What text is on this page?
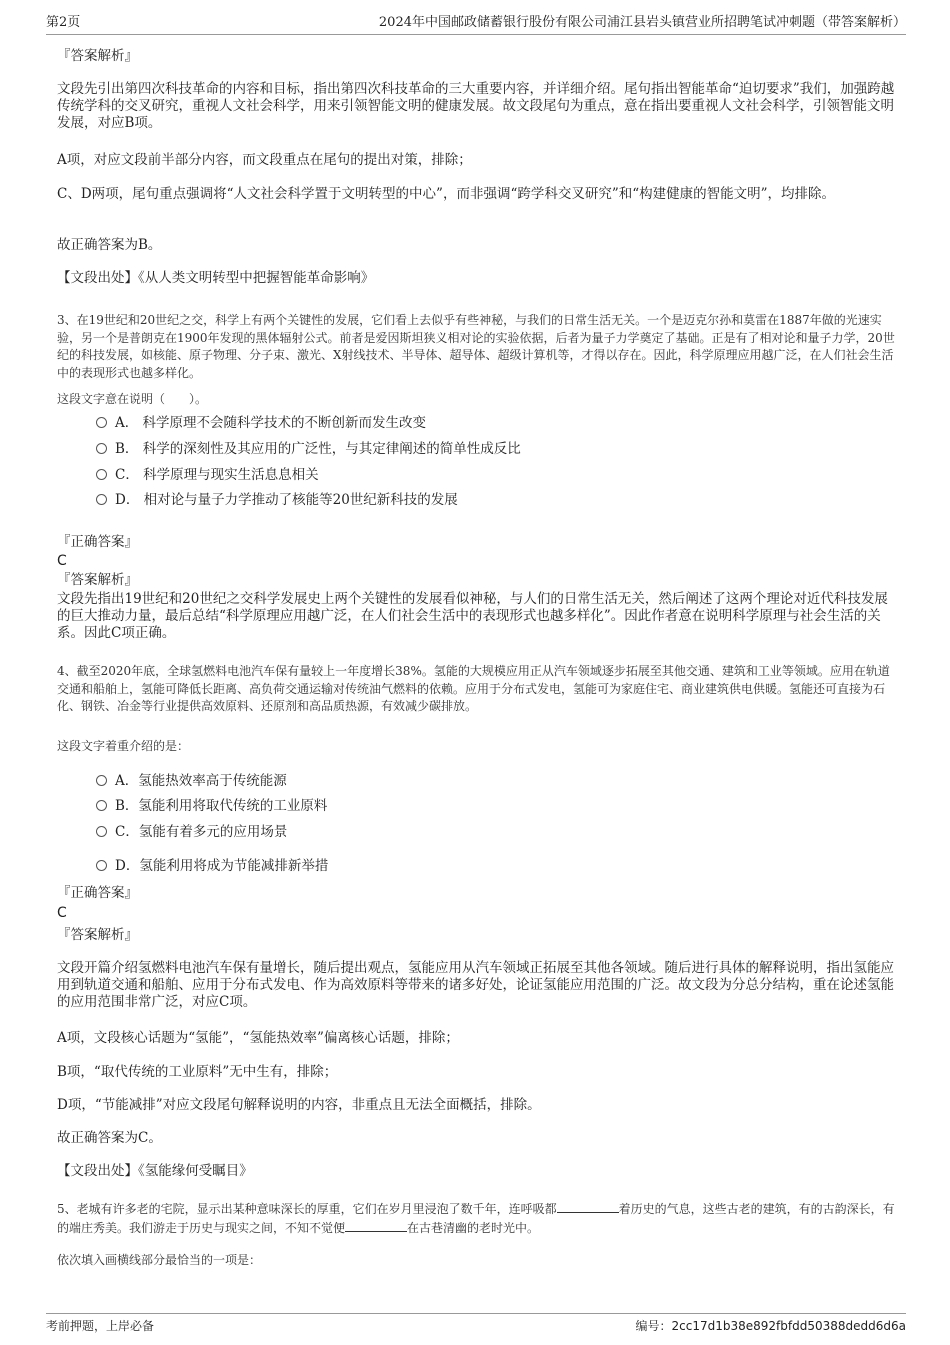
第2页	2024年中国邮政储蓄银行股份有限公司浦江县岩头镇营业所招聘笔试冲刺题（带答案解析）
『答案解析』
文段先引出第四次科技革命的内容和目标，指出第四次科技革命的三大重要内容，并详细介绍。尾句指出智能革命“迫切要求”我们，加强跨越传统学科的交叉研究，重视人文社会科学，用来引领智能文明的健康发展。故文段尾句为重点，意在指出要重视人文社会科学，引领智能文明发展，对应B项。
A项，对应文段前半部分内容，而文段重点在尾句的提出对策，排除；
C、D两项，尾句重点强调将“人文社会科学置于文明转型的中心”，而非强调“跨学科交叉研究”和“构建健康的智能文明”，均排除。
故正确答案为B。
【文段出处】《从人类文明转型中把握智能革命影响》
3、在19世纪和20世纪之交，科学上有两个关键性的发展，它们看上去似乎有些神秘，与我们的日常生活无关。一个是迈克尔孙和莫雷在1887年做的光速实验，另一个是普朗克在1900年发现的黑体辐射公式。前者是爱因斯坦狭义相对论的实验依据，后者为量子力学奠定了基础。正是有了相对论和量子力学，20世纪的科技发展，如核能、原子物理、分子束、激光、X射线技术、半导体、超导体、超级计算机等，才得以存在。因此，科学原理应用越广泛，在人们社会生活中的表现形式也越多样化。
这段文字意在说明（　　）。
A． 科学原理不会随科学技术的不断创新而发生改变
B． 科学的深刻性及其应用的广泛性，与其定律阐述的简单性成反比
C． 科学原理与现实生活息息相关
D． 相对论与量子力学推动了核能等20世纪新科技的发展
『正确答案』
C
『答案解析』
文段先指出19世纪和20世纪之交科学发展史上两个关键性的发展看似神秘，与人们的日常生活无关，然后阐述了这两个理论对近代科技发展的巨大推动力量，最后总结“科学原理应用越广泛，在人们社会生活中的表现形式也越多样化”。因此作者意在说明科学原理与社会生活的关系。因此C项正确。
4、截至2020年底，全球氢燃料电池汽车保有量较上一年度增长38%。氢能的大规模应用正从汽车领域逐步拓展至其他交通、建筑和工业等领域。应用在轨道交通和船舶上，氢能可降低长距离、高负荷交通运输对传统油气燃料的依赖。应用于分布式发电，氢能可为家庭住宅、商业建筑供电供暖。氢能还可直接为石化、钢铁、冶金等行业提供高效原料、还原剂和高品质热源，有效减少碳排放。
这段文字着重介绍的是：
A．氢能热效率高于传统能源
B．氢能利用将取代传统的工业原料
C．氢能有着多元的应用场景
D．氢能利用将成为节能减排新举措
『正确答案』
C
『答案解析』
文段开篇介绍氢燃料电池汽车保有量增长，随后提出观点，氢能应用从汽车领域正拓展至其他各领域。随后进行具体的解释说明，指出氢能应用到轨道交通和船舶、应用于分布式发电、作为高效原料等带来的诸多好处，论证氢能应用范围的广泛。故文段为分总分结构，重在论述氢能的应用范围非常广泛，对应C项。
A项，文段核心话题为“氢能”，“氢能热效率”偏离核心话题，排除；
B项，“取代传统的工业原料”无中生有，排除；
D项，“节能减排”对应文段尾句解释说明的内容，非重点且无法全面概括，排除。
故正确答案为C。
【文段出处】《氢能缘何受瞩目》
5、老城有许多老的宅院，显示出某种意味深长的厚重，它们在岁月里浸泡了数千年，连呼吸都	着历史的气息，这些古老的建筑，有的古韵深长，有的端庄秀美。我们游走于历史与现实之间，不知不觉便	在古巷清幽的老时光中。
依次填入画横线部分最恰当的一项是：
考前押题，上岸必备	编号：2cc17d1b38e892fbfdd50388dedd6d6a
